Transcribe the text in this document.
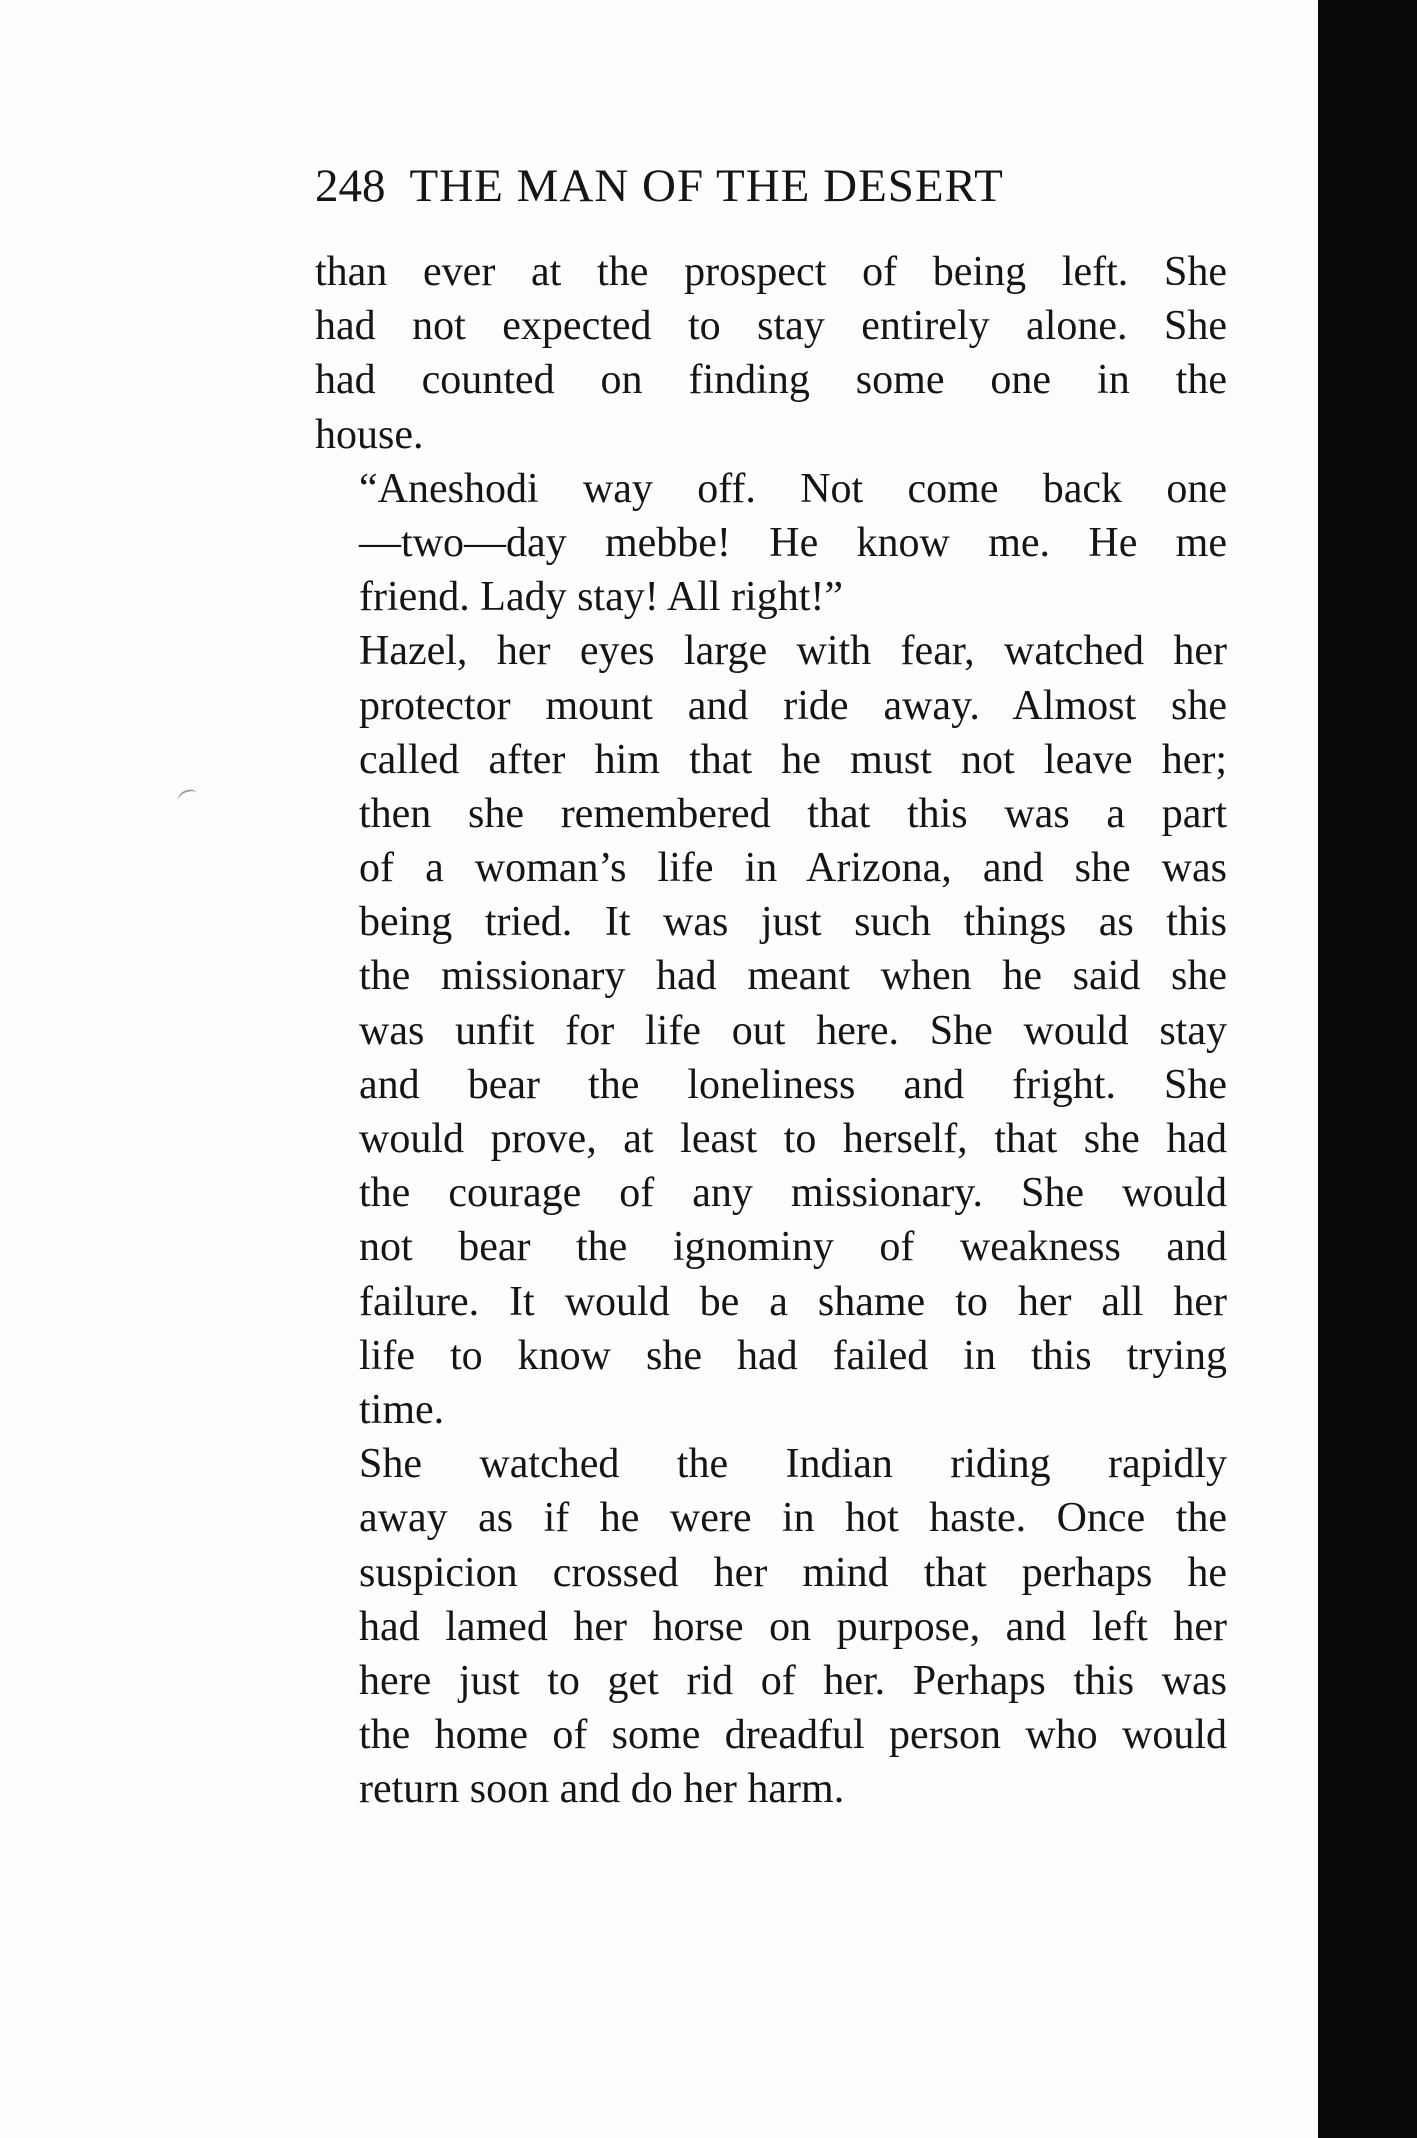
248 THE MAN OF THE DESERT
than ever at the prospect of being left. She
had not expected to stay entirely alone. She
had counted on finding some one in the
house.
“Aneshodi way off. Not come back one
—two—day mebbe! He know me. He me
friend. Lady stay! All right!”
Hazel, her eyes large with fear, watched her
protector mount and ride away. Almost she
called after him that he must not leave her;
then she remembered that this was a part
of a woman’s life in Arizona, and she was
being tried. It was just such things as this
the missionary had meant when he said she
was unfit for life out here. She would stay
and bear the loneliness and fright. She
would prove, at least to herself, that she had
the courage of any missionary. She would
not bear the ignominy of weakness and
failure. It would be a shame to her all her
life to know she had failed in this trying
time.
She watched the Indian riding rapidly
away as if he were in hot haste. Once the
suspicion crossed her mind that perhaps he
had lamed her horse on purpose, and left her
here just to get rid of her. Perhaps this was
the home of some dreadful person who would
return soon and do her harm.
